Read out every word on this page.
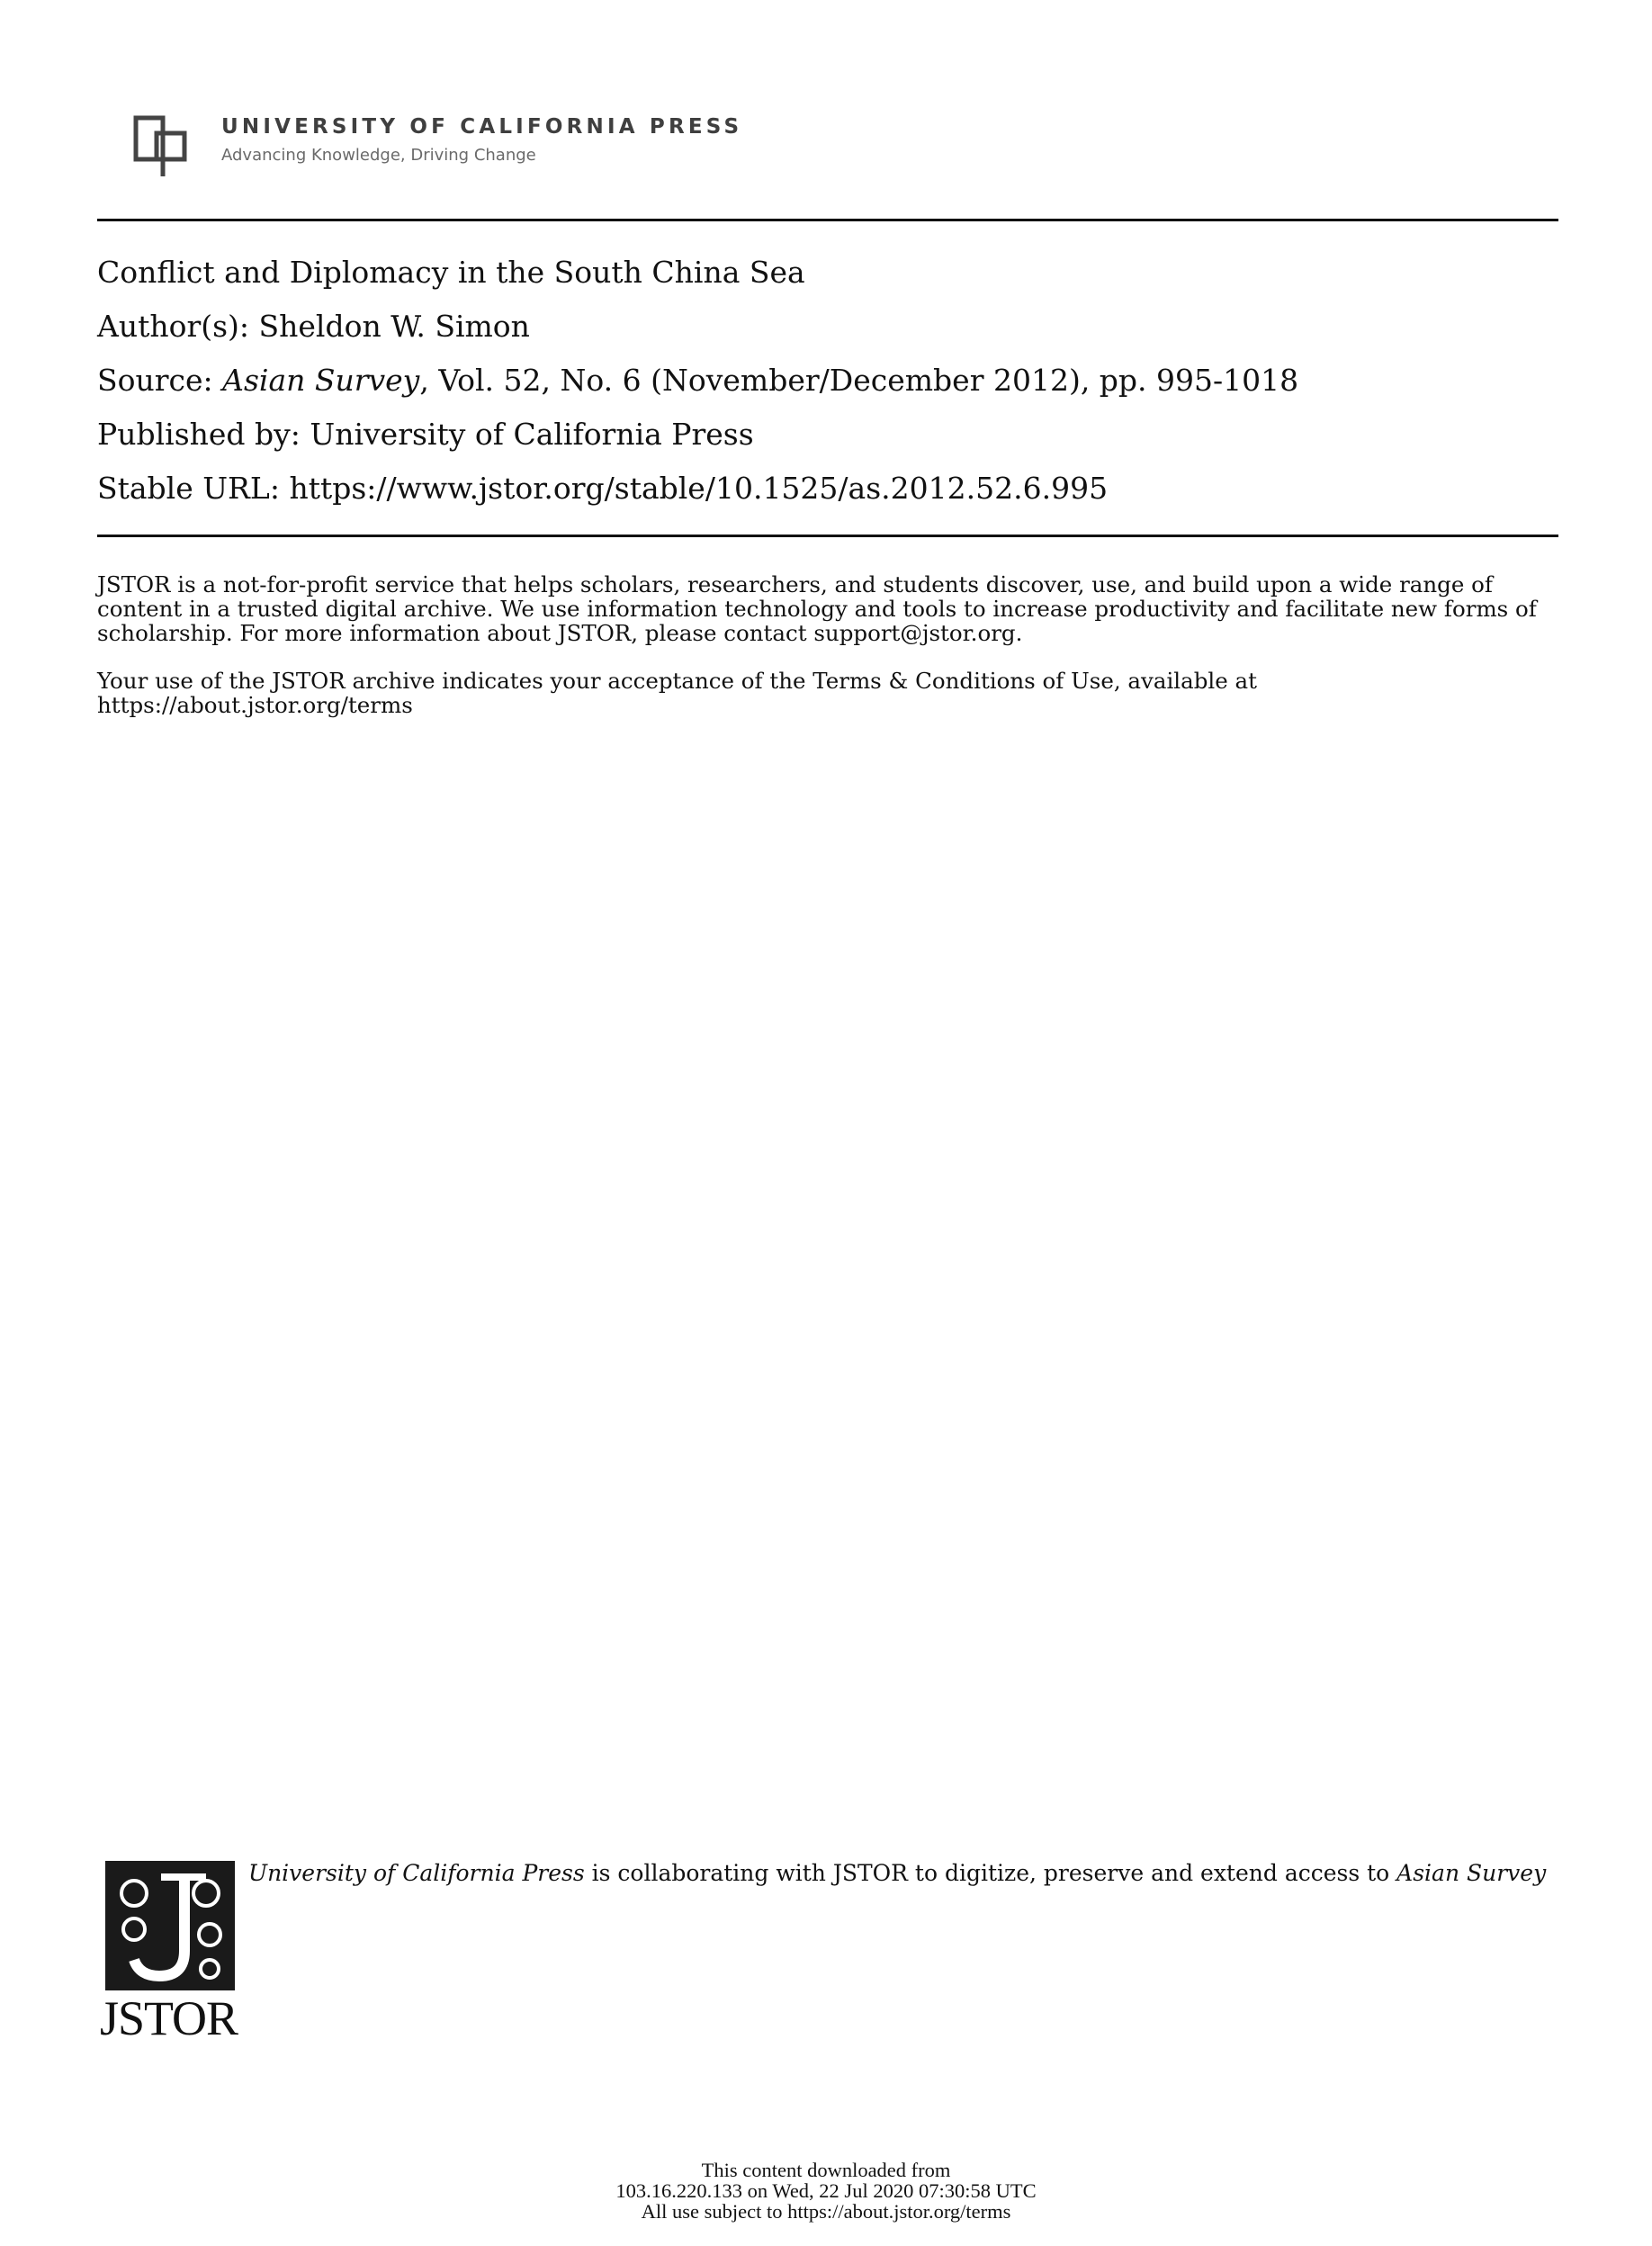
UNIVERSITY OF CALIFORNIA PRESS
Advancing Knowledge, Driving Change
Conflict and Diplomacy in the South China Sea
Author(s): Sheldon W. Simon
Source: Asian Survey, Vol. 52, No. 6 (November/December 2012), pp. 995-1018
Published by: University of California Press
Stable URL: https://www.jstor.org/stable/10.1525/as.2012.52.6.995

JSTOR is a not-for-profit service that helps scholars, researchers, and students discover, use, and build upon a wide range of content in a trusted digital archive. We use information technology and tools to increase productivity and facilitate new forms of scholarship. For more information about JSTOR, please contact support@jstor.org.

Your use of the JSTOR archive indicates your acceptance of the Terms & Conditions of Use, available at

https://about.jstor.org/terms

JSTOR
University of California Press is collaborating with JSTOR to digitize, preserve and extend access to Asian Survey
This content downloaded from
103.16.220.133 on Wed, 22 Jul 2020 07:30:58 UTC
All use subject to https://about.jstor.org/terms
